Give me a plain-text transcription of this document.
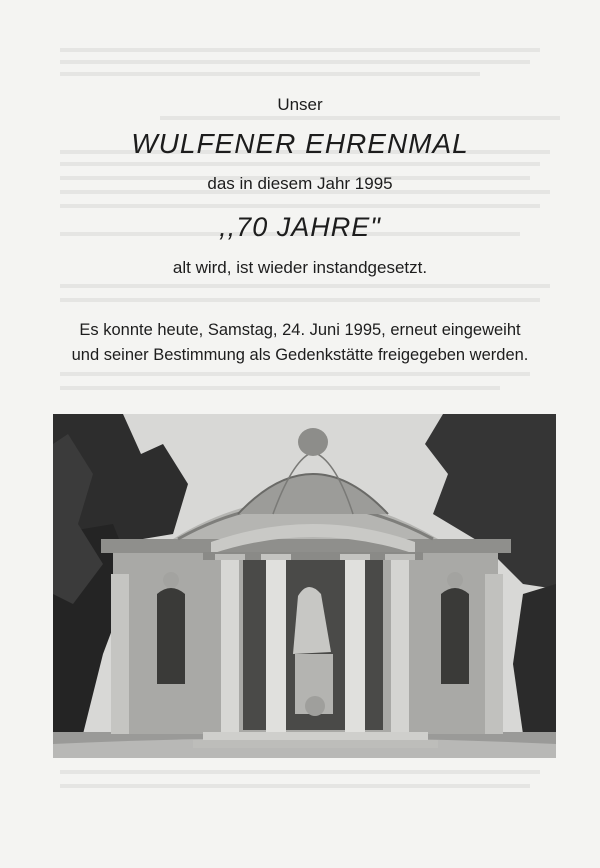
Unser
WULFENER EHRENMAL
das in diesem Jahr 1995
,,70 JAHRE"
alt wird, ist wieder instandgesetzt.
Es konnte heute, Samstag, 24. Juni 1995, erneut eingeweiht
und seiner Bestimmung als Gedenkstätte freigegeben werden.
